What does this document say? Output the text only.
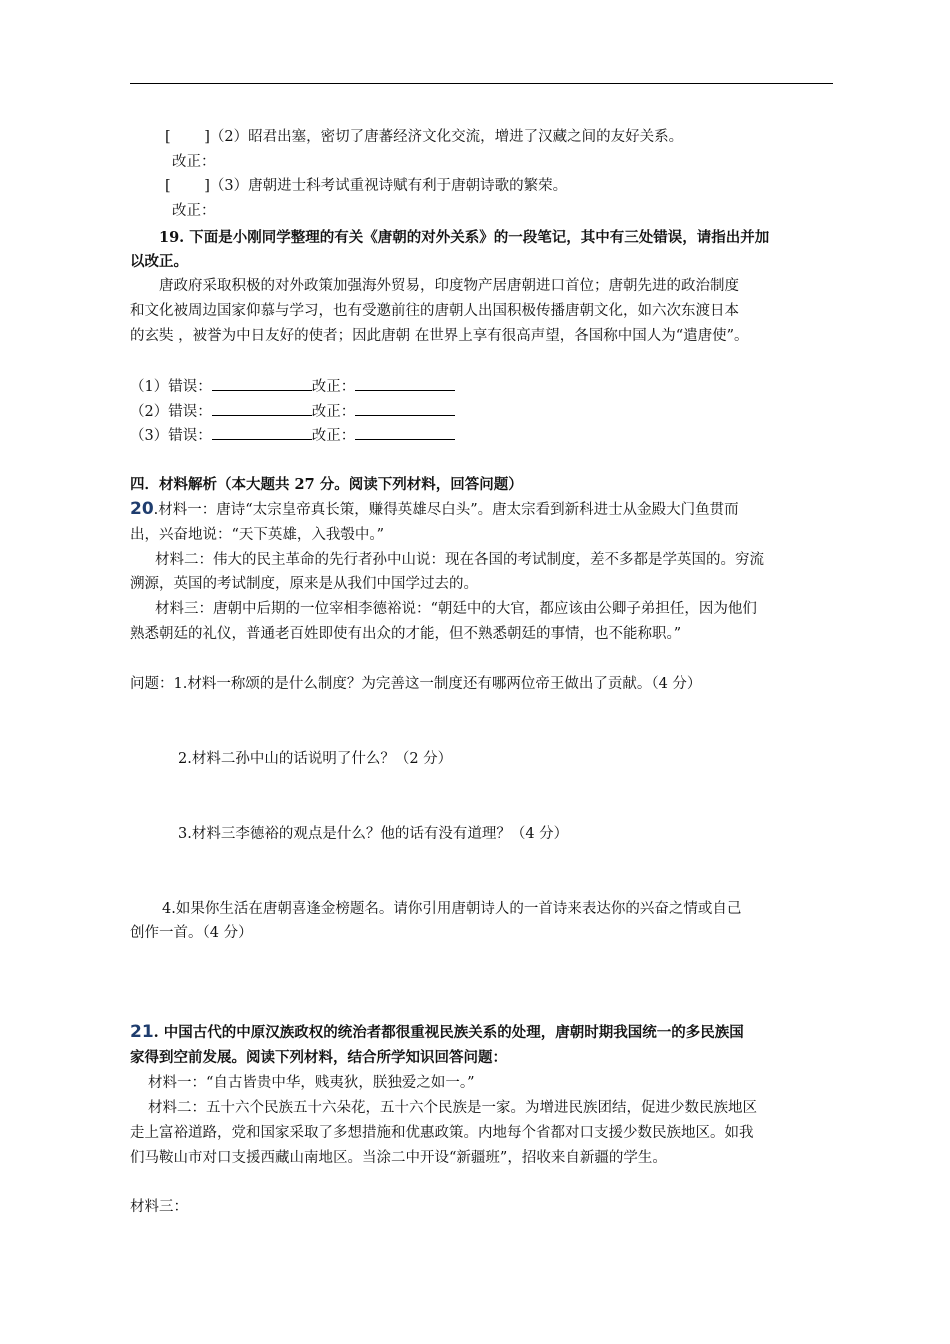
[　　 ]（2）昭君出塞，密切了唐蕃经济文化交流，增进了汉藏之间的友好关系。
改正：
[　　 ]（3）唐朝进士科考试重视诗赋有利于唐朝诗歌的繁荣。
改正：
19. 下面是小刚同学整理的有关《唐朝的对外关系》的一段笔记，其中有三处错误，请指出并加
以改正。
唐政府采取积极的对外政策加强海外贸易，印度物产居唐朝进口首位；唐朝先进的政治制度
和文化被周边国家仰慕与学习，也有受邀前往的唐朝人出国积极传播唐朝文化，如六次东渡日本
的玄奘 ，被誉为中日友好的使者；因此唐朝 在世界上享有很高声望，各国称中国人为“遣唐使”。
（1）错误：	改正：
（2）错误：	改正：
（3）错误：	改正：
四．材料解析（本大题共 27 分。阅读下列材料，回答问题）
20.材料一：唐诗“太宗皇帝真长策，赚得英雄尽白头”。唐太宗看到新科进士从金殿大门鱼贯而
出，兴奋地说：“天下英雄，入我彀中。”
材料二：伟大的民主革命的先行者孙中山说：现在各国的考试制度，差不多都是学英国的。穷流
溯源，英国的考试制度，原来是从我们中国学过去的。
材料三：唐朝中后期的一位宰相李德裕说：“朝廷中的大官，都应该由公卿子弟担任，因为他们
熟悉朝廷的礼仪，普通老百姓即使有出众的才能，但不熟悉朝廷的事情，也不能称职。”
问题：1.材料一称颂的是什么制度？为完善这一制度还有哪两位帝王做出了贡献。（4 分）
2.材料二孙中山的话说明了什么？（2 分）
3.材料三李德裕的观点是什么？他的话有没有道理？（4 分）
4.如果你生活在唐朝喜逢金榜题名。请你引用唐朝诗人的一首诗来表达你的兴奋之情或自己
创作一首。（4 分）
21. 中国古代的中原汉族政权的统治者都很重视民族关系的处理，唐朝时期我国统一的多民族国
家得到空前发展。阅读下列材料，结合所学知识回答问题：
材料一：“自古皆贵中华，贱夷狄，朕独爱之如一。”
材料二：五十六个民族五十六朵花，五十六个民族是一家。为增进民族团结，促进少数民族地区
走上富裕道路，党和国家采取了多想措施和优惠政策。内地每个省都对口支援少数民族地区。如我
们马鞍山市对口支援西藏山南地区。当涂二中开设“新疆班”，招收来自新疆的学生。
材料三：
